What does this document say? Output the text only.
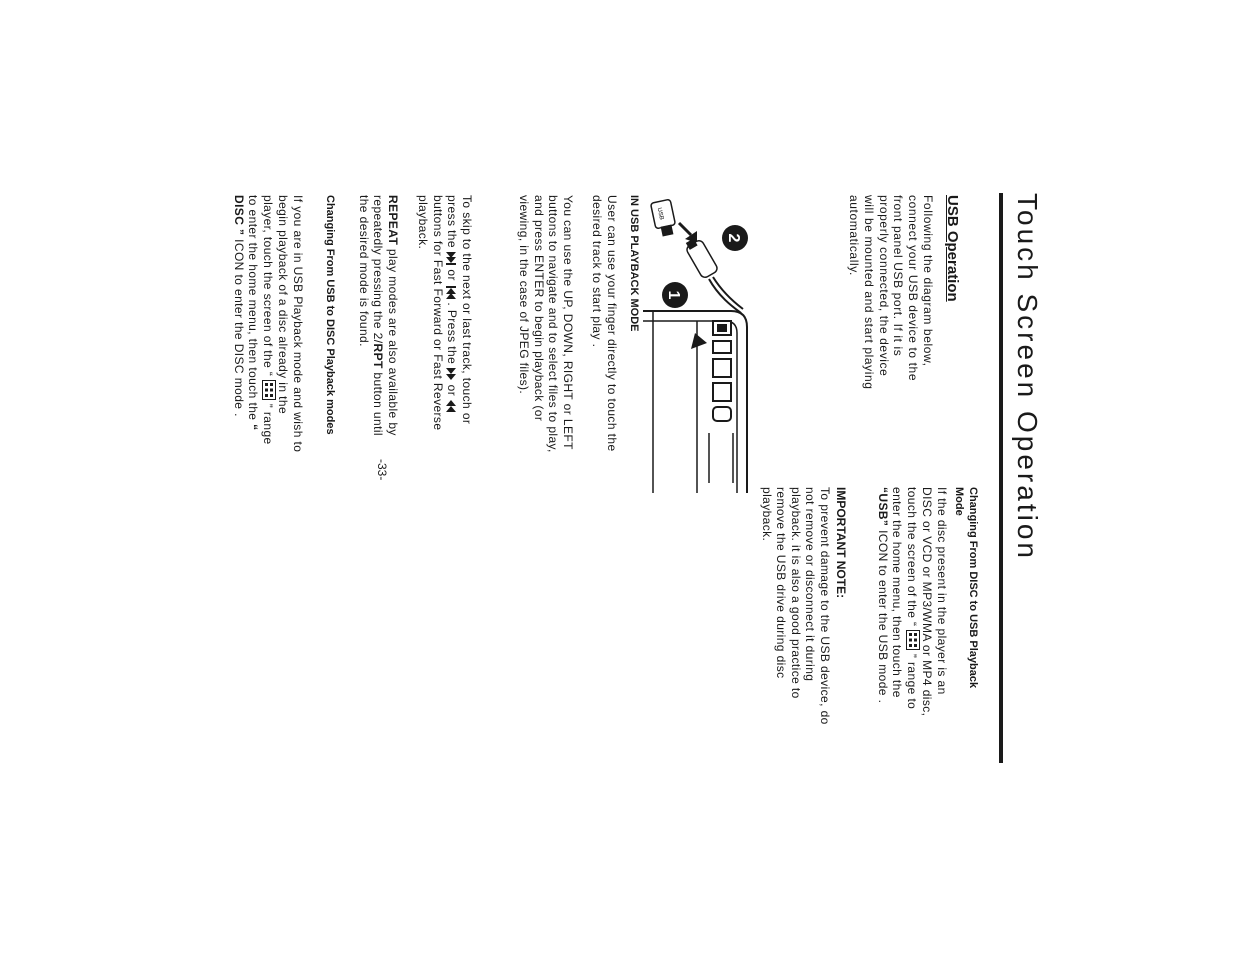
Touch Screen Operation
USB Operation
Following the diagram below, connect your USB device to the front panel USB port. If it is properly connected, the device will be mounted and start playing automatically.
Changing From DISC to USB Playback Mode
If the disc present in the player is an DISC or VCD or MP3/WMA or MP4 disc, touch the screen of the “  ” range to enter the home menu, then touch the “USB” ICON to enter the USB mode .
IMPORTANT NOTE:
To prevent damage to the USB device, do not remove or disconnect it during playback. it is also a good practice to remove the USB drive during disc playback.
USB
1
2
IN USB PLAYBACK MODE
User can use your finger directly to touch the desired track to start play .
You can use the UP, DOWN, RIGHT or LEFT buttons to navigate and to select files to play, and press ENTER to begin playback (or viewing, in the case of JPEG files).
To skip to the next or last track, touch or press the  or  . Press the  or  buttons for Fast Forward or Fast Reverse playback.
REPEAT play modes are also available by repeatedly pressing the 2/RPT button until the desired mode is found.
Changing From USB to DISC Playback modes
If you are in USB Playback mode and wish to begin playback of a disc already in the player, touch the screen of the “  ” range to enter the home menu, then touch the “ DISC ” ICON to enter the DISC mode .
-33-
